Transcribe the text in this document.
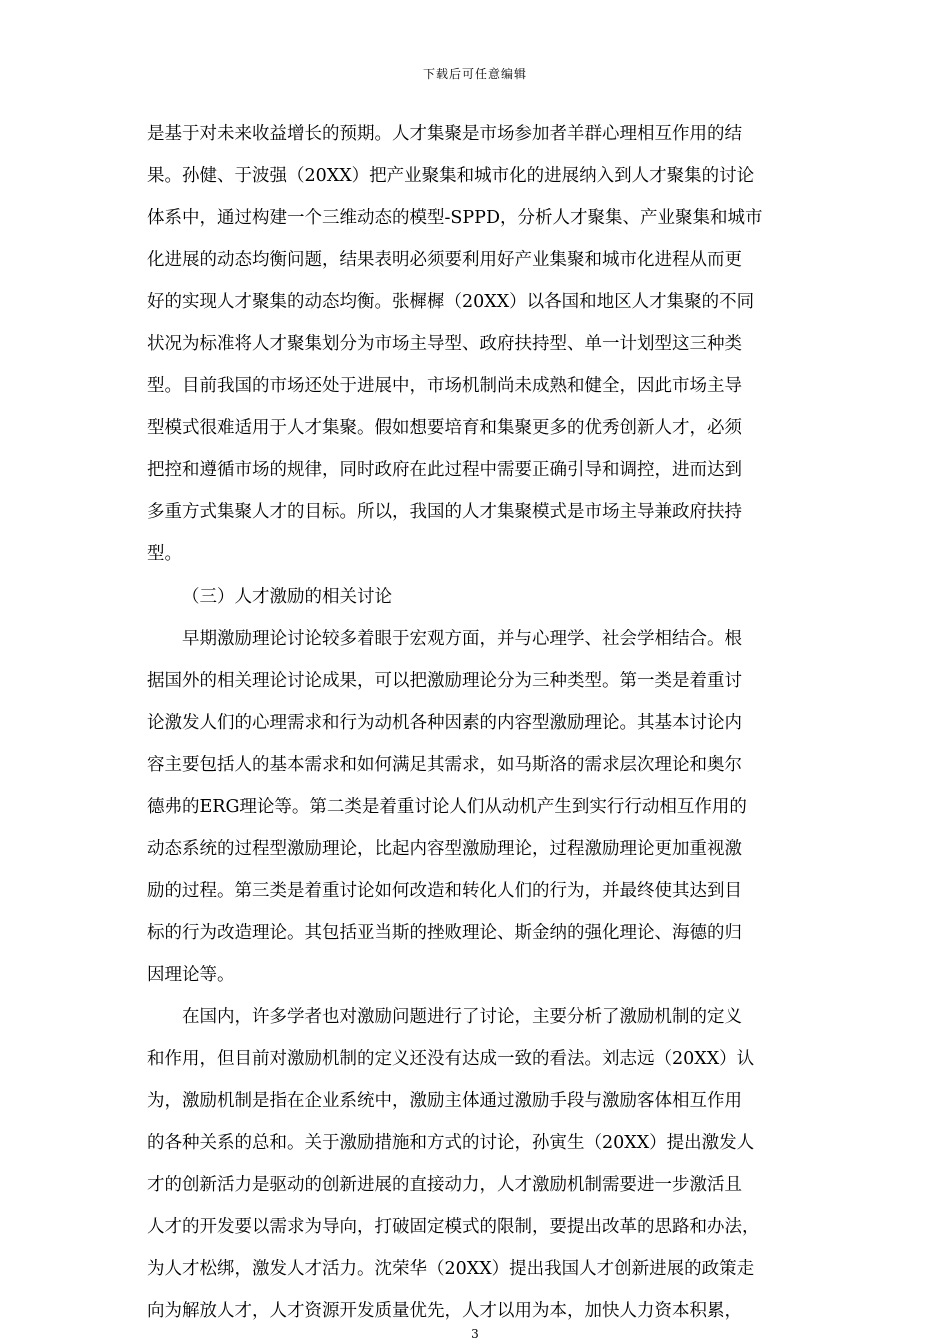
下载后可任意编辑
是基于对未来收益增长的预期。人才集聚是市场参加者羊群心理相互作用的结
果。孙健、于波强（20XX）把产业聚集和城市化的进展纳入到人才聚集的讨论
体系中，通过构建一个三维动态的模型-SPPD，分析人才聚集、产业聚集和城市
化进展的动态均衡问题，结果表明必须要利用好产业集聚和城市化进程从而更
好的实现人才聚集的动态均衡。张樨樨（20XX）以各国和地区人才集聚的不同
状况为标准将人才聚集划分为市场主导型、政府扶持型、单一计划型这三种类
型。目前我国的市场还处于进展中，市场机制尚未成熟和健全，因此市场主导
型模式很难适用于人才集聚。假如想要培育和集聚更多的优秀创新人才，必须
把控和遵循市场的规律，同时政府在此过程中需要正确引导和调控，进而达到
多重方式集聚人才的目标。所以，我国的人才集聚模式是市场主导兼政府扶持
型。
（三）人才激励的相关讨论
早期激励理论讨论较多着眼于宏观方面，并与心理学、社会学相结合。根
据国外的相关理论讨论成果，可以把激励理论分为三种类型。第一类是着重讨
论激发人们的心理需求和行为动机各种因素的内容型激励理论。其基本讨论内
容主要包括人的基本需求和如何满足其需求，如马斯洛的需求层次理论和奥尔
德弗的ERG理论等。第二类是着重讨论人们从动机产生到实行行动相互作用的
动态系统的过程型激励理论，比起内容型激励理论，过程激励理论更加重视激
励的过程。第三类是着重讨论如何改造和转化人们的行为，并最终使其达到目
标的行为改造理论。其包括亚当斯的挫败理论、斯金纳的强化理论、海德的归
因理论等。
在国内，许多学者也对激励问题进行了讨论，主要分析了激励机制的定义
和作用，但目前对激励机制的定义还没有达成一致的看法。刘志远（20XX）认
为，激励机制是指在企业系统中，激励主体通过激励手段与激励客体相互作用
的各种关系的总和。关于激励措施和方式的讨论，孙寅生（20XX）提出激发人
才的创新活力是驱动的创新进展的直接动力，人才激励机制需要进一步激活且
人才的开发要以需求为导向，打破固定模式的限制，要提出改革的思路和办法，
为人才松绑，激发人才活力。沈荣华（20XX）提出我国人才创新进展的政策走
向为解放人才，人才资源开发质量优先，人才以用为本，加快人力资本积累，
3
